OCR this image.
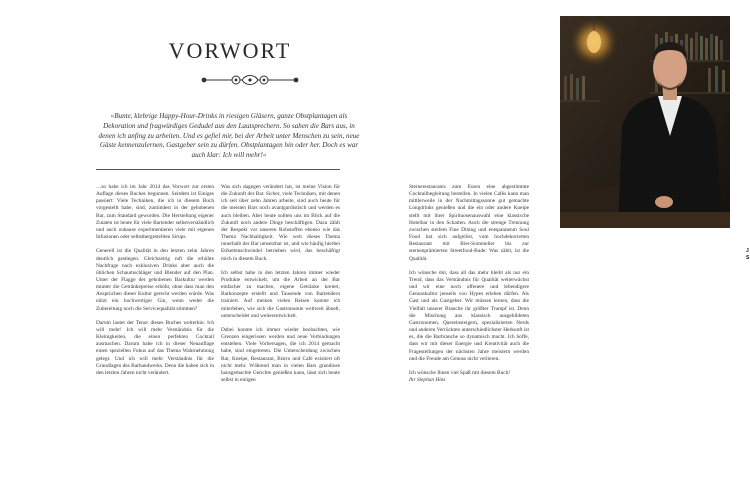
VORWORT
»Bunte, klebrige Happy-Hour-Drinks in riesigen Gläsern, ganze Obstplantagen als Dekoration und fragwürdiges Gedudel aus den Lautsprechern. So sahen die Bars aus, in denen ich anfing zu arbeiten. Und es gefiel mir, bei der Arbeit unter Menschen zu sein, neue Gäste kennenzulernen, Gastgeber sein zu dürfen. Obstplantagen hin oder her. Doch es war auch klar: Ich will mehr!«

…so habe ich im Jahr 2014 das Vorwort zur ersten Auflage dieses Buches begonnen. Seitdem ist Einiges passiert: Viele Techniken, die ich in diesem Buch vorgestellt habe, sind, zumindest in der gehobenen Bar, zum Standard geworden. Die Herstellung eigener Zutaten ist heute für viele Bartender selbstverständlich und auch zuhause experimentieren viele mit eigenen Infusionen oder selbsthergestellten Sirups.

Generell ist die Qualität in den letzten zehn Jahren deutlich gestiegen. Gleichzeitig ruft die erhöhte Nachfrage nach exklusiven Drinks aber auch die üblichen Schaumschläger und Blender auf den Plan. Unter der Flagge der gehobenen Barkultur werden munter die Getränkepreise erhöht, ohne dass man den Ansprüchen dieser Kultur gerecht werden würde. Was nützt ein hochwertiger Gin, wenn weder die Zubereitung noch die Servicequalität stimmen?

Darum lautet der Tenor dieses Buches weiterhin: Ich will mehr! Ich will mehr Verständnis für die Kleinigkeiten, die einen perfekten Cocktail ausmachen. Darum habe ich in dieser Neuauflage einen speziellen Fokus auf das Thema Wahrnehmung gelegt. Und ich will mehr Verständnis für die Grundlagen des Barhandwerks. Denn die haben sich in den letzten Jahren nicht verändert.

Was sich dagegen verändert hat, ist meine Vision für die Zukunft der Bar. Sicher, viele Techniken, mit denen ich seit über zehn Jahren arbeite, sind auch heute für die meisten Bars noch avantgardistisch und werden es auch bleiben. Aber heute sollten uns im Blick auf die Zukunft noch andere Dinge beschäftigen. Dazu zählt der Respekt vor unseren Rohstoffen ebenso wie das Thema Nachhaltigkeit. Wie weit dieses Thema innerhalb der Bar umsetzbar ist, und wie häufig hierbei Etikettenschwindel betrieben wird, das beschäftigt mich in diesem Buch.

Ich selbst habe in den letzten Jahren immer wieder Produkte entwickelt, um die Arbeit an der Bar einfacher zu machen, eigene Getränke kreiert, Barkonzepte erstellt und Tausende von Bartendern trainiert. Auf meinen vielen Reisen konnte ich miterleben, wie sich die Gastronomie weltweit ähnelt, unterscheidet und weiterentwickelt.

Dabei konnte ich immer wieder beobachten, wie Grenzen eingerissen werden und neue Verbindungen entstehen. Viele Vorhersagen, die ich 2014 gemacht habe, sind eingetreten. Die Unterscheidung zwischen Bar, Kneipe, Restaurant, Bistro und Café existiert oft nicht mehr. Während man in vielen Bars grandiose hausgemachte Gerichte genießen kann, lässt sich heute selbst in einigen

Sternerestaurants zum Essen eine abgestimmte Cocktailbegleitung bestellen. In vielen Cafés kann man mittlerweile in der Nachmittagssonne gut gemachte Longdrinks genießen und die ein oder andere Kneipe stellt mit ihrer Spirituosenauswahl eine klassische Hotelbar in den Schatten. Auch die strenge Trennung zwischen steifem Fine Dining und entspannenm Soul Food hat sich aufgelöst, vom hochdekorierten Restaurant mit Bier-Sommelier bis zur sternenprämierten Streetfood-Bude. Was zählt, ist die Qualität.

Ich wünsche mir, dass all das mehr bleibt als nur ein Trend, dass das Verständnis für Qualität weiterwächst und wir eine noch offenere und lebendigere Genusskultur jenseits von Hypes erleben dürfen. Als Gast und als Gastgeber. Wir müssen lernen, dass die Vielfalt unserer Branche ihr größter Trumpf ist. Denn die Mischung aus klassisch ausgebildeten Gastronomen, Quereinsteigern, spezialisierten Nerds und anderen Verrückten unterschiedlichster Herkunft ist es, die die Barbranche so dynamisch macht. Ich hoffe, dass wir mit dieser Energie und Kreativität auch die Fragestellungen der nächsten Jahre meistern werden und die Freude am Genuss nicht verlieren.

Ich wünsche Ihnen viel Spaß mit diesem Buch!

Ihr Stephan Hinz

J
S
